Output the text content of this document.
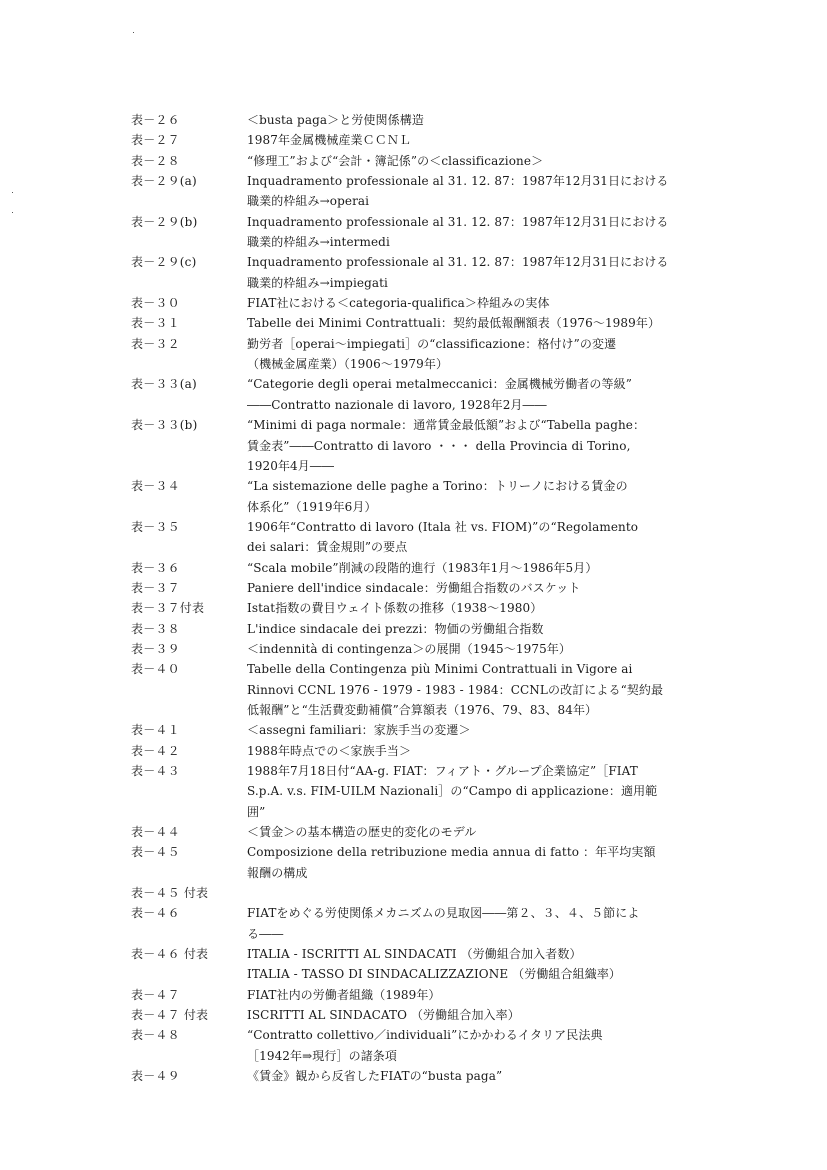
表－２６	＜busta paga＞と労使関係構造
表－２７	1987年金属機械産業ＣＣＮＬ
表－２８	“修理工”および“会計・簿記係”の＜classificazione＞
表－２９(a)	Inquadramento professionale al 31. 12. 87：1987年12月31日における
職業的枠組み→operai
表－２９(b)	Inquadramento professionale al 31. 12. 87：1987年12月31日における
職業的枠組み→intermedi
表－２９(c)	Inquadramento professionale al 31. 12. 87：1987年12月31日における
職業的枠組み→impiegati
表－３０	FIAT社における＜categoria-qualifica＞枠組みの実体
表－３１	Tabelle dei Minimi Contrattuali：契約最低報酬額表（1976～1989年）
表－３２	勤労者［operai～impiegati］の“classificazione：格付け”の変遷
（機械金属産業）（1906～1979年）
表－３３(a)	“Categorie degli operai metalmeccanici：金属機械労働者の等級”
――Contratto nazionale di lavoro, 1928年2月――
表－３３(b)	“Minimi di paga normale：通常賃金最低額”および“Tabella paghe：
賃金表”――Contratto di lavoro ・・・ della Provincia di Torino,
1920年4月――
表－３４	“La sistemazione delle paghe a Torino：トリーノにおける賃金の
体系化”（1919年6月）
表－３５	1906年“Contratto di lavoro (Itala 社 vs. FIOM)”の“Regolamento
dei salari：賃金規則”の要点
表－３６	“Scala mobile”削減の段階的進行（1983年1月～1986年5月）
表－３７	Paniere dell'indice sindacale：労働組合指数のバスケット
表－３７付表	Istat指数の費目ウェイト係数の推移（1938～1980）
表－３８	L'indice sindacale dei prezzi：物価の労働組合指数
表－３９	＜indennità di contingenza＞の展開（1945～1975年）
表－４０	Tabelle della Contingenza più Minimi Contrattuali in Vigore ai
Rinnovi CCNL 1976 - 1979 - 1983 - 1984：CCNLの改訂による“契約最
低報酬”と“生活費変動補償”合算額表（1976、79、83、84年）
表－４１	＜assegni familiari：家族手当の変遷＞
表－４２	1988年時点での＜家族手当＞
表－４３	1988年7月18日付“AA-g. FIAT：フィアト・グループ企業協定”［FIAT
S.p.A. v.s. FIM-UILM Nazionali］の“Campo di applicazione：適用範
囲”
表－４４	＜賃金＞の基本構造の歴史的変化のモデル
表－４５	Composizione della retribuzione media annua di fatto ：年平均実額
報酬の構成
表－４５ 付表

表－４６	FIATをめぐる労使関係メカニズムの見取図――第２、３、４、５節によ
る――
表－４６ 付表	ITALIA - ISCRITTI AL SINDACATI （労働組合加入者数）
ITALIA - TASSO DI SINDACALIZZAZIONE （労働組合組織率）
表－４７	FIAT社内の労働者組織（1989年）
表－４７ 付表	ISCRITTI AL SINDACATO （労働組合加入率）
表－４８	“Contratto collettivo／individuali”にかかわるイタリア民法典
［1942年⇒現行］の諸条項
表－４９	《賃金》観から反省したFIATの“busta paga”
